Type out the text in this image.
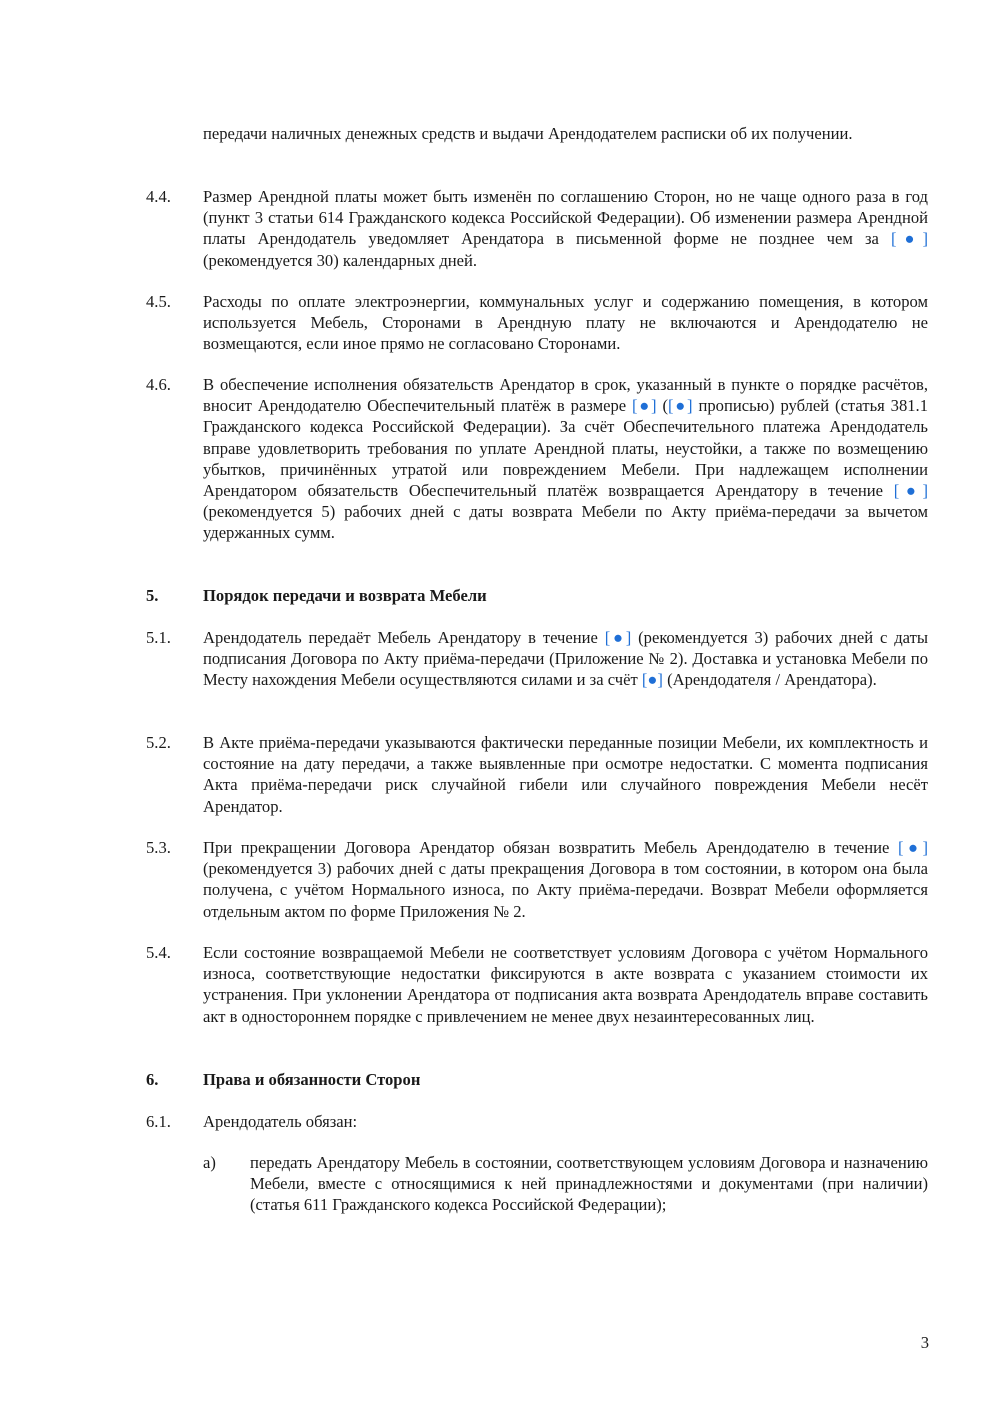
передачи наличных денежных средств и выдачи Арендодателем расписки об их получении.
4.4.	Размер Арендной платы может быть изменён по соглашению Сторон, но не чаще одного раза в год (пункт 3 статьи 614 Гражданского кодекса Российской Федерации). Об изменении размера Арендной платы Арендодатель уведомляет Арендатора в письменной форме не позднее чем за [●] (рекомендуется 30) календарных дней.
4.5.	Расходы по оплате электроэнергии, коммунальных услуг и содержанию помещения, в котором используется Мебель, Сторонами в Арендную плату не включаются и Арендодателю не возмещаются, если иное прямо не согласовано Сторонами.
4.6.	В обеспечение исполнения обязательств Арендатор в срок, указанный в пункте о порядке расчётов, вносит Арендодателю Обеспечительный платёж в размере [●] ([●] прописью) рублей (статья 381.1 Гражданского кодекса Российской Федерации). За счёт Обеспечительного платежа Арендодатель вправе удовлетворить требования по уплате Арендной платы, неустойки, а также по возмещению убытков, причинённых утратой или повреждением Мебели. При надлежащем исполнении Арендатором обязательств Обеспечительный платёж возвращается Арендатору в течение [●] (рекомендуется 5) рабочих дней с даты возврата Мебели по Акту приёма-передачи за вычетом удержанных сумм.
5.	Порядок передачи и возврата Мебели
5.1.	Арендодатель передаёт Мебель Арендатору в течение [●] (рекомендуется 3) рабочих дней с даты подписания Договора по Акту приёма-передачи (Приложение № 2). Доставка и установка Мебели по Месту нахождения Мебели осуществляются силами и за счёт [●] (Арендодателя / Арендатора).
5.2.	В Акте приёма-передачи указываются фактически переданные позиции Мебели, их комплектность и состояние на дату передачи, а также выявленные при осмотре недостатки. С момента подписания Акта приёма-передачи риск случайной гибели или случайного повреждения Мебели несёт Арендатор.
5.3.	При прекращении Договора Арендатор обязан возвратить Мебель Арендодателю в течение [●] (рекомендуется 3) рабочих дней с даты прекращения Договора в том состоянии, в котором она была получена, с учётом Нормального износа, по Акту приёма-передачи. Возврат Мебели оформляется отдельным актом по форме Приложения № 2.
5.4.	Если состояние возвращаемой Мебели не соответствует условиям Договора с учётом Нормального износа, соответствующие недостатки фиксируются в акте возврата с указанием стоимости их устранения. При уклонении Арендатора от подписания акта возврата Арендодатель вправе составить акт в одностороннем порядке с привлечением не менее двух незаинтересованных лиц.
6.	Права и обязанности Сторон
6.1.	Арендодатель обязан:
a)	передать Арендатору Мебель в состоянии, соответствующем условиям Договора и назначению Мебели, вместе с относящимися к ней принадлежностями и документами (при наличии) (статья 611 Гражданского кодекса Российской Федерации);
3
